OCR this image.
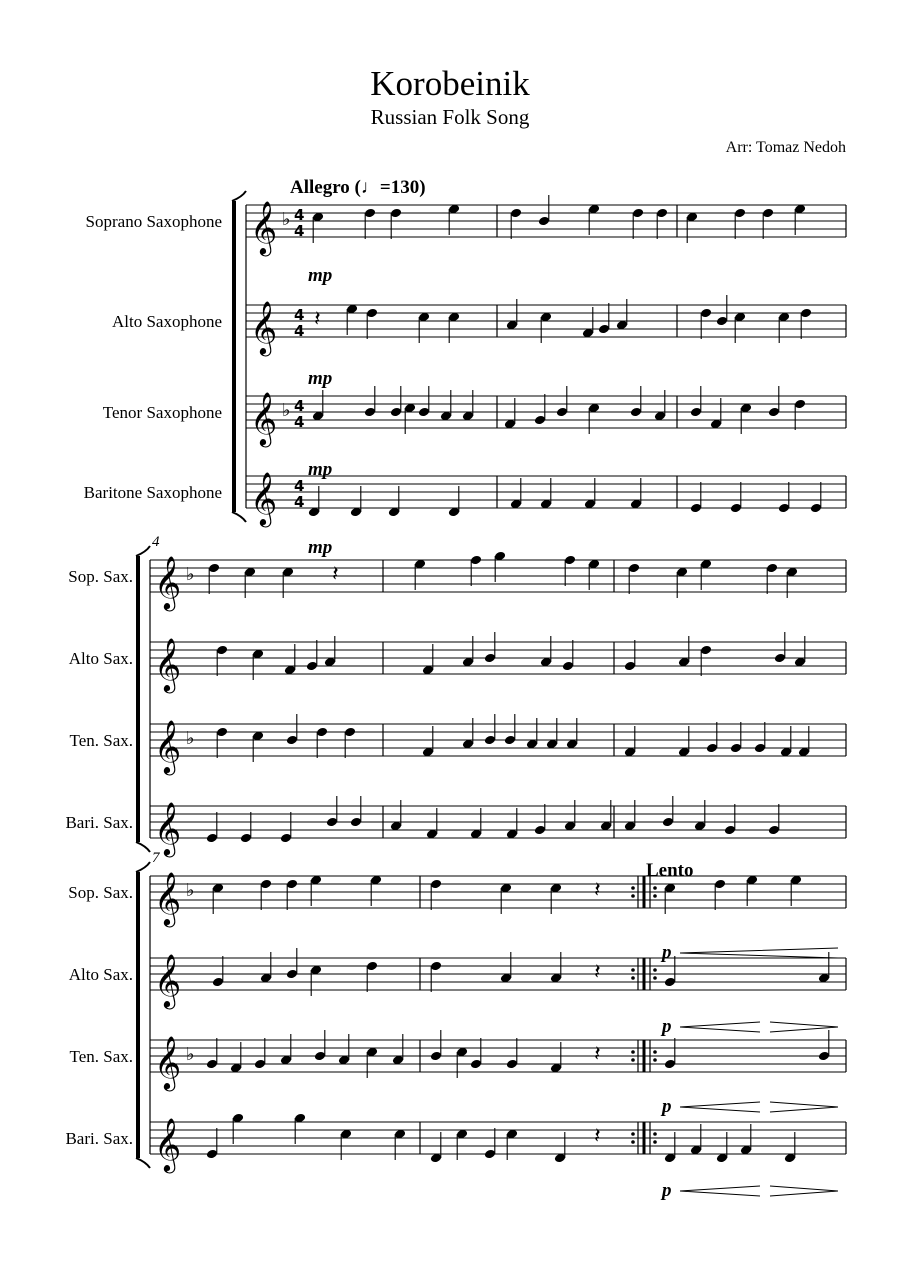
Korobeinik
Russian Folk Song
Arr: Tomaz Nedoh
Soprano Saxophone 𝄞 ♭ 4
4
Alto Saxophone 𝄞 4
4
Tenor Saxophone 𝄞 ♭ 4
4
Baritone Saxophone 𝄞 4
4
Sop. Sax. 𝄞 ♭
Alto Sax. 𝄞
Ten. Sax. 𝄞 ♭
Bari. Sax. 𝄞
4
Sop. Sax. 𝄞 ♭
Alto Sax. 𝄞
Ten. Sax. 𝄞 ♭
Bari. Sax. 𝄞
7
Allegro (♩=130)
Lento
mp
mp
mp
mp
p
p
p
p
𝄽
𝄽
𝄽
𝄽
𝄽
𝄽
